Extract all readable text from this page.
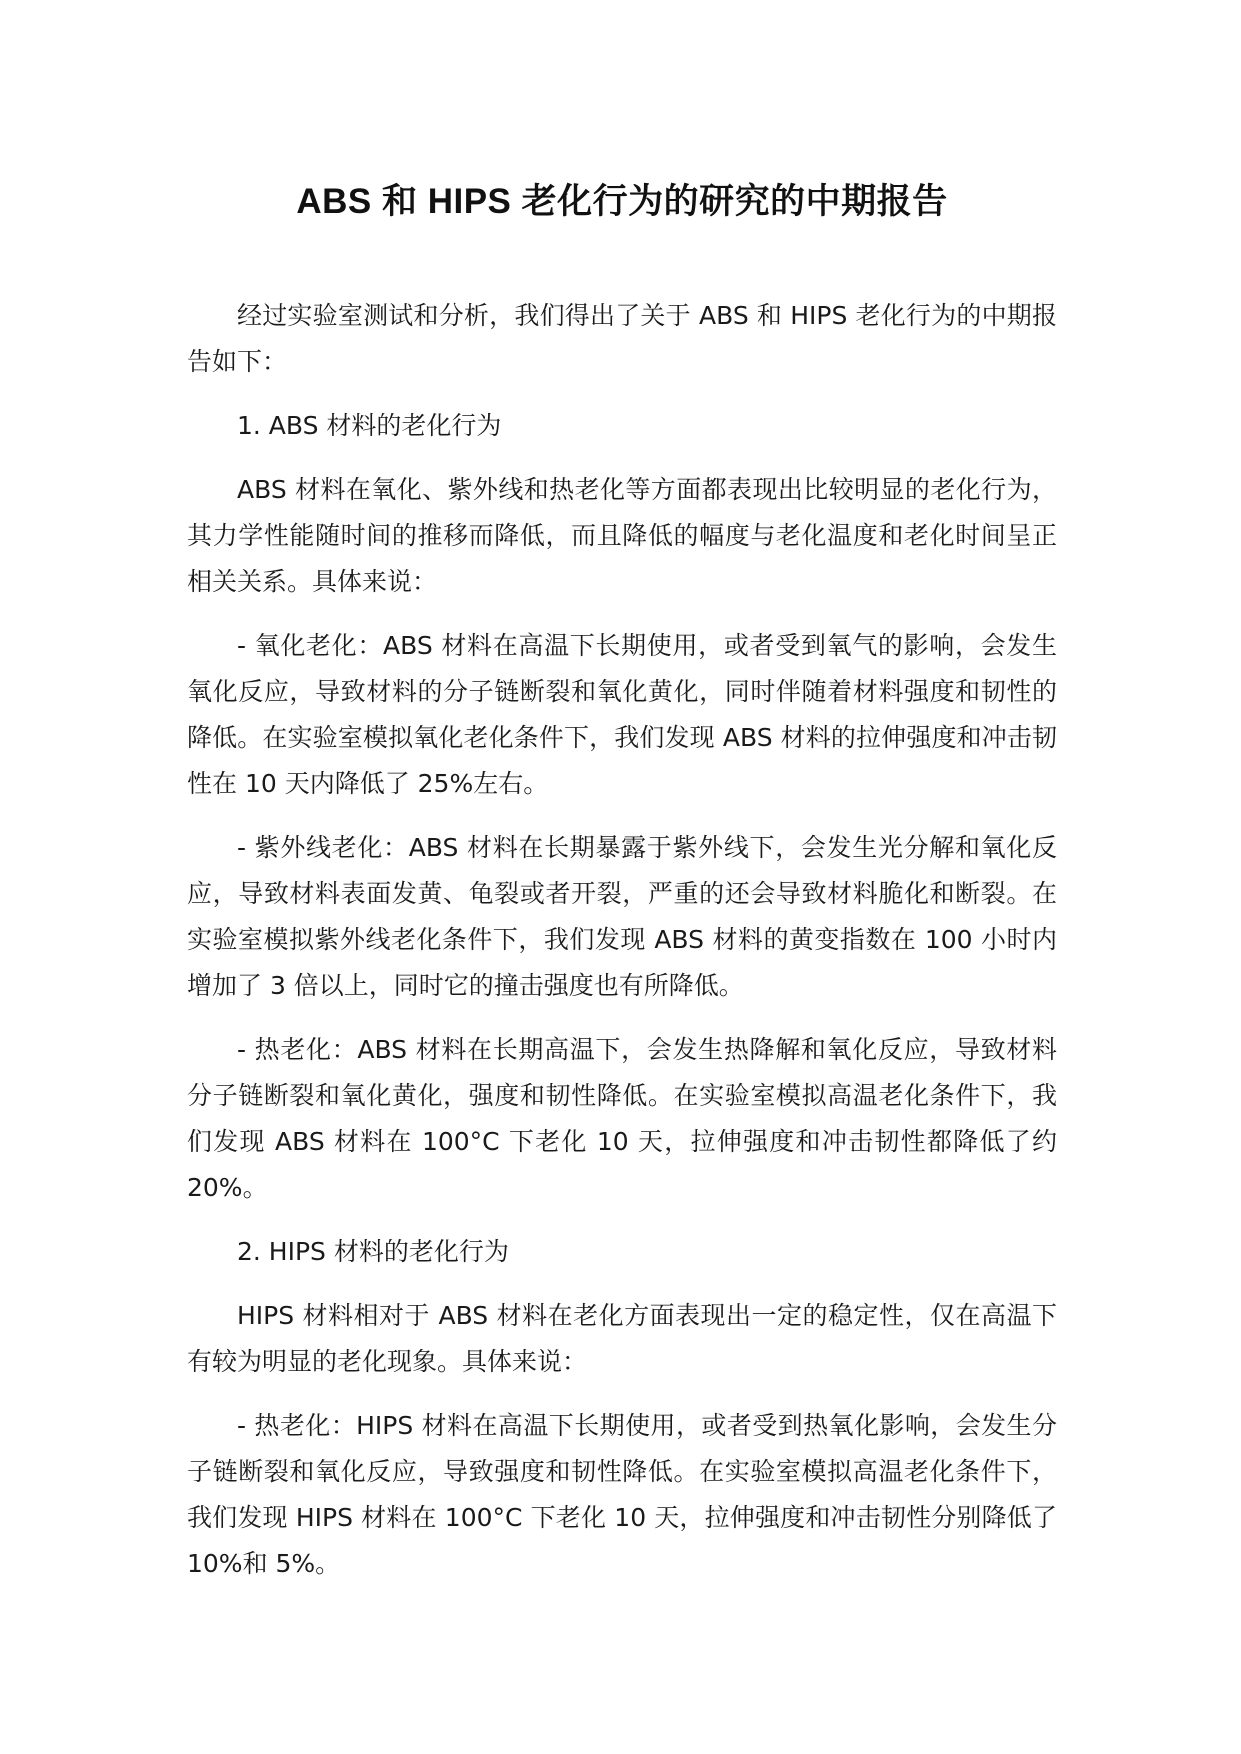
ABS 和 HIPS 老化行为的研究的中期报告

经过实验室测试和分析，我们得出了关于 ABS 和 HIPS 老化行为的中期报告如下：

1. ABS 材料的老化行为

ABS 材料在氧化、紫外线和热老化等方面都表现出比较明显的老化行为，其力学性能随时间的推移而降低，而且降低的幅度与老化温度和老化时间呈正相关关系。具体来说：

- 氧化老化：ABS 材料在高温下长期使用，或者受到氧气的影响，会发生氧化反应，导致材料的分子链断裂和氧化黄化，同时伴随着材料强度和韧性的降低。在实验室模拟氧化老化条件下，我们发现 ABS 材料的拉伸强度和冲击韧性在 10 天内降低了 25%左右。

- 紫外线老化：ABS 材料在长期暴露于紫外线下，会发生光分解和氧化反应，导致材料表面发黄、龟裂或者开裂，严重的还会导致材料脆化和断裂。在实验室模拟紫外线老化条件下，我们发现 ABS 材料的黄变指数在 100 小时内增加了 3 倍以上，同时它的撞击强度也有所降低。

- 热老化：ABS 材料在长期高温下，会发生热降解和氧化反应，导致材料分子链断裂和氧化黄化，强度和韧性降低。在实验室模拟高温老化条件下，我们发现 ABS 材料在 100°C 下老化 10 天，拉伸强度和冲击韧性都降低了约 20%。

2. HIPS 材料的老化行为

HIPS 材料相对于 ABS 材料在老化方面表现出一定的稳定性，仅在高温下有较为明显的老化现象。具体来说：

- 热老化：HIPS 材料在高温下长期使用，或者受到热氧化影响，会发生分子链断裂和氧化反应，导致强度和韧性降低。在实验室模拟高温老化条件下，我们发现 HIPS 材料在 100°C 下老化 10 天，拉伸强度和冲击韧性分别降低了 10%和 5%。
